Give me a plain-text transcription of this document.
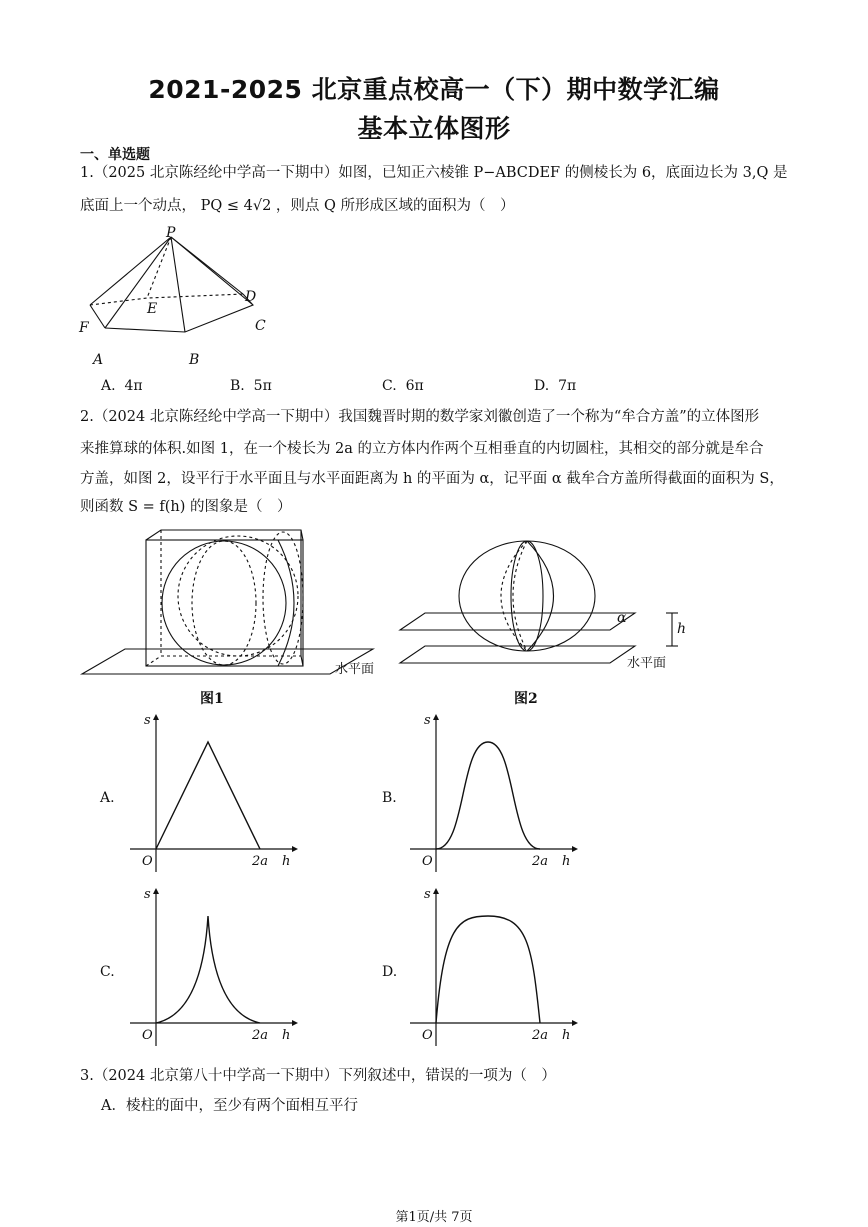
2021-2025 北京重点校高一（下）期中数学汇编
基本立体图形
一、单选题
1.（2025 北京陈经纶中学高一下期中）如图，已知正六棱锥 P−ABCDEF 的侧棱长为 6，底面边长为 3,Q 是
底面上一个动点， PQ ≤ 4√2 ，则点 Q 所形成区域的面积为（　）
P
E
D
F	C
A	B
A. 4π	B. 5π	C. 6π	D. 7π
2.（2024 北京陈经纶中学高一下期中）我国魏晋时期的数学家刘徽创造了一个称为“牟合方盖”的立体图形
来推算球的体积.如图 1，在一个棱长为 2a 的立方体内作两个互相垂直的内切圆柱，其相交的部分就是牟合
方盖，如图 2，设平行于水平面且与水平面距离为 h 的平面为 α，记平面 α 截牟合方盖所得截面的面积为 S，
则函数 S = f(h) 的图象是（　）
水平面
图1
α
h
水平面
图2
A.	B.
C.	D.
s
O	2a h
s
O	2a h
s
O	2a h
s
O	2a h
3.（2024 北京第八十中学高一下期中）下列叙述中，错误的一项为（　）
A．棱柱的面中，至少有两个面相互平行
第1页/共 7页
